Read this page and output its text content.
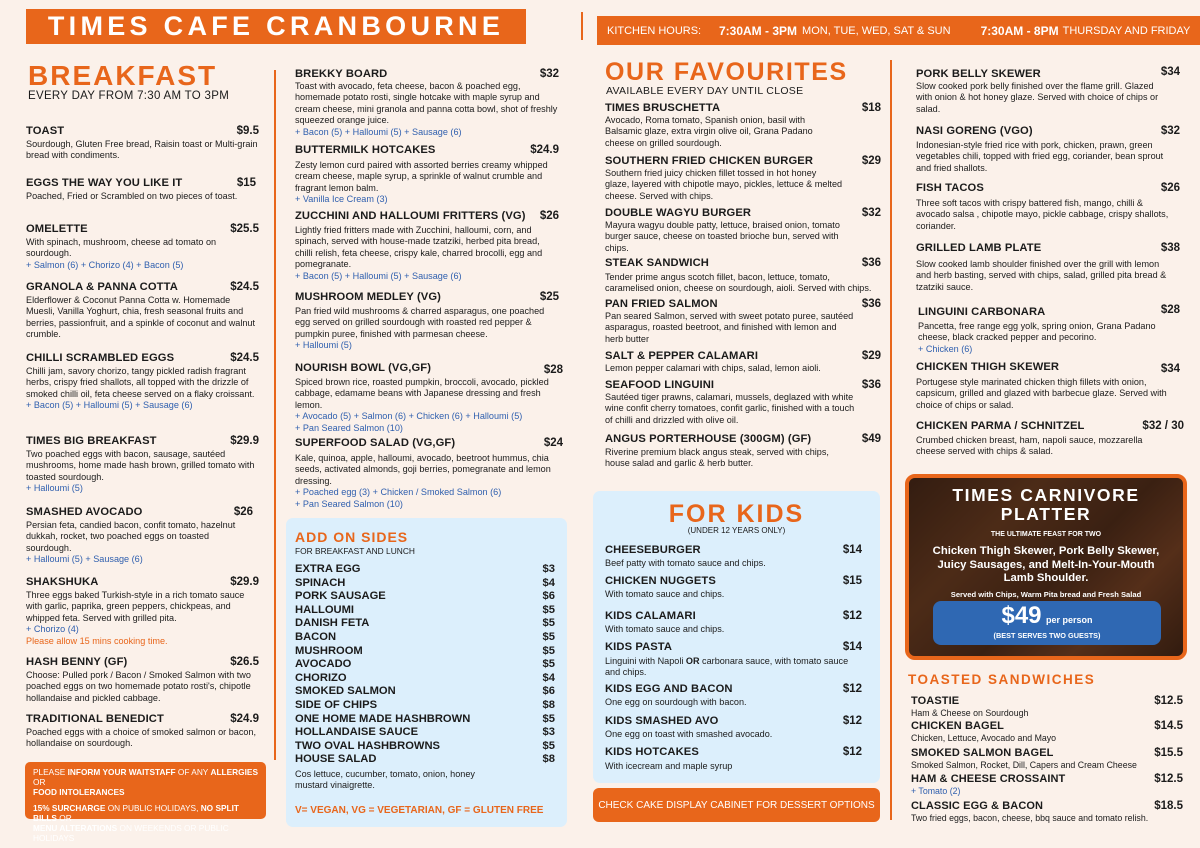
TIMES CAFE CRANBOURNE	KITCHEN HOURS:	7:30AM - 3PM MON, TUE, WED, SAT & SUN	7:30AM - 8PM THURSDAY AND FRIDAY
BREAKFAST
EVERY DAY FROM 7:30 AM TO 3PM
TOAST	$9.5
Sourdough, Gluten Free bread, Raisin toast or Multi-grain bread with condiments.
EGGS THE WAY YOU LIKE IT	$15
Poached, Fried or Scrambled on two pieces of toast.
OMELETTE	$25.5
With spinach, mushroom, cheese ad tomato on sourdough.
+ Salmon (6) + Chorizo (4) + Bacon (5)
GRANOLA & PANNA COTTA	$24.5
Elderflower & Coconut Panna Cotta w. Homemade Muesli, Vanilla Yoghurt, chia, fresh seasonal fruits and berries, passionfruit, and a spinkle of coconut and walnut crumble.
CHILLI SCRAMBLED EGGS	$24.5
Chilli jam, savory chorizo, tangy pickled radish fragrant herbs, crispy fried shallots, all topped with the drizzle of smoked chilli oil, feta cheese served on a flaky croissant.
+ Bacon (5) + Halloumi (5) + Sausage (6)
TIMES BIG BREAKFAST	$29.9
Two poached eggs with bacon, sausage, sautéed mushrooms, home made hash brown, grilled tomato with toasted sourdough.
+ Halloumi (5)
SMASHED AVOCADO	$26
Persian feta, candied bacon, confit tomato, hazelnut dukkah, rocket, two poached eggs on toasted sourdough.
+ Halloumi (5) + Sausage (6)
SHAKSHUKA	$29.9
Three eggs baked Turkish-style in a rich tomato sauce with garlic, paprika, green peppers, chickpeas, and whipped feta. Served with grilled pita.
+ Chorizo (4)
Please allow 15 mins cooking time.
HASH BENNY (GF)	$26.5
Choose: Pulled pork / Bacon / Smoked Salmon with two poached eggs on two homemade potato rosti's, chipotle hollandaise and pickled cabbage.
TRADITIONAL BENEDICT	$24.9
Poached eggs with a choice of smoked salmon or bacon, hollandaise on sourdough.
PLEASE INFORM YOUR WAITSTAFF OF ANY ALLERGIES OR
FOOD INTOLERANCES
15% SURCHARGE ON PUBLIC HOLIDAYS, NO SPLIT BILLS OR
MENU ALTERATIONS ON WEEKENDS OR PUBLIC HOLIDAYS
BREKKY BOARD	$32
Toast with avocado, feta cheese, bacon & poached egg, homemade potato rosti, single hotcake with maple syrup and cream cheese, mini granola and panna cotta bowl, shot of freshly squeezed orange juice.
+ Bacon (5) + Halloumi (5) + Sausage (6)
BUTTERMILK HOTCAKES	$24.9
Zesty lemon curd paired with assorted berries creamy whipped cream cheese, maple syrup, a sprinkle of walnut crumble and fragrant lemon balm.
+ Vanilla Ice Cream (3)
ZUCCHINI AND HALLOUMI FRITTERS (VG)	$26
Lightly fried fritters made with Zucchini, halloumi, corn, and spinach, served with house-made tzatziki, herbed pita bread, chilli relish, feta cheese, crispy kale, charred brocolli, egg and pomegranate.
+ Bacon (5) + Halloumi (5) + Sausage (6)
MUSHROOM MEDLEY (VG)	$25
Pan fried wild mushrooms & charred asparagus, one poached egg served on grilled sourdough with roasted red pepper & pumpkin puree, finished with parmesan cheese.
+ Halloumi (5)
NOURISH BOWL (VG,GF)	$28
Spiced brown rice, roasted pumpkin, broccoli, avocado, pickled cabbage, edamame beans with Japanese dressing and fresh lemon.
+ Avocado (5) + Salmon (6) + Chicken (6) + Halloumi (5)
+ Pan Seared Salmon (10)
SUPERFOOD SALAD (VG,GF)	$24
Kale, quinoa, apple, halloumi, avocado, beetroot hummus, chia seeds, activated almonds, goji berries, pomegranate and lemon dressing.
+ Poached egg (3) + Chicken / Smoked Salmon (6)
+ Pan Seared Salmon (10)
ADD ON SIDES
FOR BREAKFAST AND LUNCH
EXTRA EGG	$3
SPINACH	$4
PORK SAUSAGE	$6
HALLOUMI	$5
DANISH FETA	$5
BACON	$5
MUSHROOM	$5
AVOCADO	$5
CHORIZO	$4
SMOKED SALMON	$6
SIDE OF CHIPS	$8
ONE HOME MADE HASHBROWN	$5
HOLLANDAISE SAUCE	$3
TWO OVAL HASHBROWNS	$5
HOUSE SALAD	$8
Cos lettuce, cucumber, tomato, onion, honey mustard vinaigrette.
V= VEGAN, VG = VEGETARIAN, GF = GLUTEN FREE
OUR FAVOURITES
AVAILABLE EVERY DAY UNTIL CLOSE
TIMES BRUSCHETTA	$18
Avocado, Roma tomato, Spanish onion, basil with Balsamic glaze, extra virgin olive oil, Grana Padano cheese on grilled sourdough.
SOUTHERN FRIED CHICKEN BURGER	$29
Southern fried juicy chicken fillet tossed in hot honey glaze, layered with chipotle mayo, pickles, lettuce & melted cheese. Served with chips.
DOUBLE WAGYU BURGER	$32
Mayura wagyu double patty, lettuce, braised onion, tomato burger sauce, cheese on toasted brioche bun, served with chips.
STEAK SANDWICH	$36
Tender prime angus scotch fillet, bacon, lettuce, tomato, caramelised onion, cheese on sourdough, aioli. Served with chips.
PAN FRIED SALMON	$36
Pan seared Salmon, served with sweet potato puree, sautéed asparagus, roasted beetroot, and finished with lemon and herb butter
SALT & PEPPER CALAMARI	$29
Lemon pepper calamari with chips, salad, lemon aioli.
SEAFOOD LINGUINI	$36
Sautéed tiger prawns, calamari, mussels, deglazed with white wine confit cherry tomatoes, confit garlic, finished with a touch of chilli and drizzled with olive oil.
ANGUS PORTERHOUSE (300GM) (GF)	$49
Riverine premium black angus steak, served with chips, house salad and garlic & herb butter.
FOR KIDS
(UNDER 12 YEARS ONLY)
CHEESEBURGER	$14
Beef patty with tomato sauce and chips.
CHICKEN NUGGETS	$15
With tomato sauce and chips.
KIDS CALAMARI	$12
With tomato sauce and chips.
KIDS PASTA	$14
Linguini with Napoli OR carbonara sauce, with tomato sauce and chips.
KIDS EGG AND BACON	$12
One egg on sourdough with bacon.
KIDS SMASHED AVO	$12
One egg on toast with smashed avocado.
KIDS HOTCAKES	$12
With icecream and maple syrup
CHECK CAKE DISPLAY CABINET FOR DESSERT OPTIONS
PORK BELLY SKEWER	$34
Slow cooked pork belly finished over the flame grill. Glazed with onion & hot honey glaze. Served with choice of chips or salad.
NASI GORENG (VGO)	$32
Indonesian-style fried rice with pork, chicken, prawn, green vegetables chili, topped with fried egg, coriander, bean sprout and fried shallots.
FISH TACOS	$26
Three soft tacos with crispy battered fish, mango, chilli & avocado salsa , chipotle mayo, pickle cabbage, crispy shallots, coriander.
GRILLED LAMB PLATE	$38
Slow cooked lamb shoulder finished over the grill with lemon and herb basting, served with chips, salad, grilled pita bread & tzatziki sauce.
LINGUINI CARBONARA	$28
Pancetta, free range egg yolk, spring onion, Grana Padano cheese, black cracked pepper and pecorino.
+ Chicken (6)
CHICKEN THIGH SKEWER	$34
Portugese style marinated chicken thigh fillets with onion, capsicum, grilled and glazed with barbecue glaze. Served with choice of chips or salad.
CHICKEN PARMA / SCHNITZEL	$32 / 30
Crumbed chicken breast, ham, napoli sauce, mozzarella cheese served with chips & salad.
TIMES CARNIVORE
PLATTER
THE ULTIMATE FEAST FOR TWO
Chicken Thigh Skewer, Pork Belly Skewer, Juicy Sausages, and Melt-In-Your-Mouth Lamb Shoulder.
Served with Chips, Warm Pita bread and Fresh Salad
$49 per person
(BEST SERVES TWO GUESTS)
TOASTED SANDWICHES
TOASTIE	$12.5
Ham & Cheese on Sourdough
CHICKEN BAGEL	$14.5
Chicken, Lettuce, Avocado and Mayo
SMOKED SALMON BAGEL	$15.5
Smoked Salmon, Rocket, Dill, Capers and Cream Cheese
HAM & CHEESE CROSSAINT	$12.5
+ Tomato (2)
CLASSIC EGG & BACON	$18.5
Two fried eggs, bacon, cheese, bbq sauce and tomato relish.
